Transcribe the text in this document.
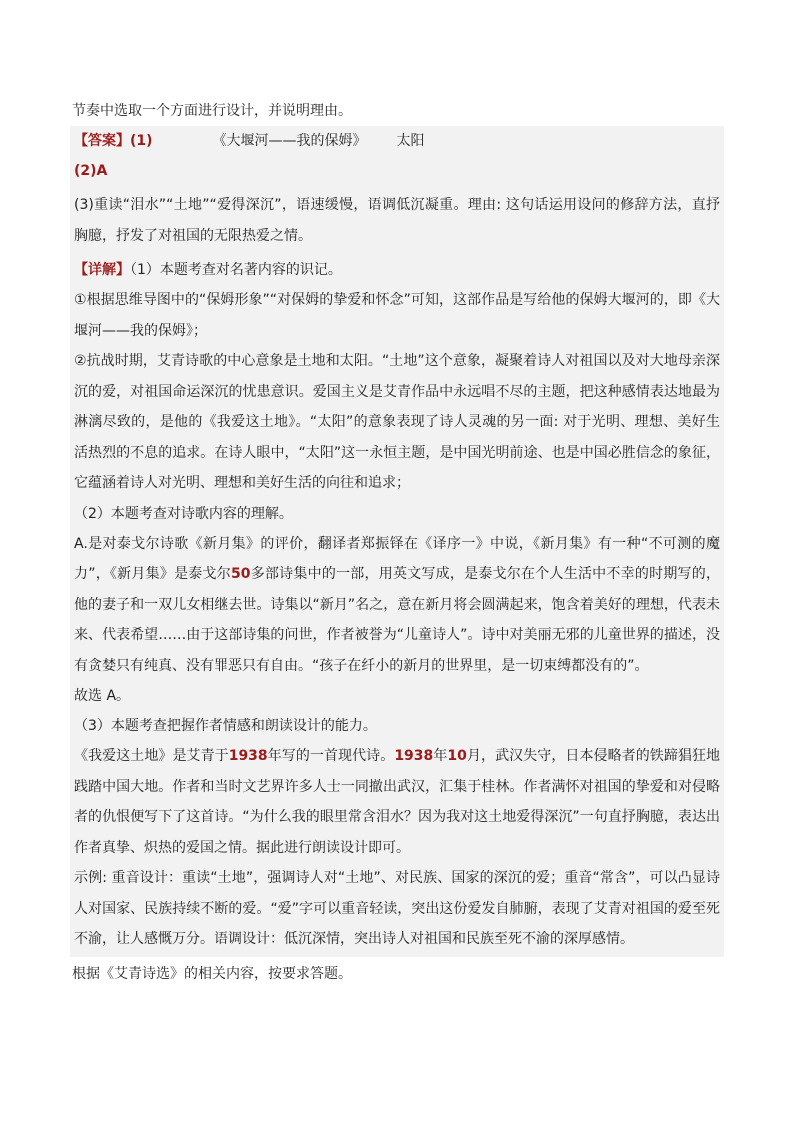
节奏中选取一个方面进行设计，并说明理由。
【答案】(1)	《大堰河——我的保姆》 太阳
(2)A
(3)重读“泪水”“土地”“爱得深沉”，语速缓慢，语调低沉凝重。理由: 这句话运用设问的修辞方法，直抒胸臆，抒发了对祖国的无限热爱之情。
【详解】（1）本题考查对名著内容的识记。
①根据思维导图中的“保姆形象”“对保姆的挚爱和怀念”可知，这部作品是写给他的保姆大堰河的，即《大堰河——我的保姆》；
②抗战时期，艾青诗歌的中心意象是土地和太阳。“土地”这个意象，凝聚着诗人对祖国以及对大地母亲深沉的爱，对祖国命运深沉的忧患意识。爱国主义是艾青作品中永远唱不尽的主题，把这种感情表达地最为淋漓尽致的，是他的《我爱这土地》。“太阳”的意象表现了诗人灵魂的另一面: 对于光明、理想、美好生活热烈的不息的追求。在诗人眼中，“太阳”这一永恒主题，是中国光明前途、也是中国必胜信念的象征，它蕴涵着诗人对光明、理想和美好生活的向往和追求；
（2）本题考查对诗歌内容的理解。
A.是对泰戈尔诗歌《新月集》的评价，翻译者郑振铎在《译序一》中说，《新月集》有一种“不可测的魔力”，《新月集》是泰戈尔50多部诗集中的一部，用英文写成，是泰戈尔在个人生活中不幸的时期写的，他的妻子和一双儿女相继去世。诗集以“新月”名之，意在新月将会圆满起来，饱含着美好的理想，代表未来、代表希望……由于这部诗集的问世，作者被誉为“儿童诗人”。诗中对美丽无邪的儿童世界的描述，没有贪婪只有纯真、没有罪恶只有自由。“孩子在纤小的新月的世界里，是一切束缚都没有的”。
故选 A。
（3）本题考查把握作者情感和朗读设计的能力。
《我爱这土地》是艾青于1938年写的一首现代诗。1938年10月，武汉失守，日本侵略者的铁蹄猖狂地践踏中国大地。作者和当时文艺界许多人士一同撤出武汉，汇集于桂林。作者满怀对祖国的挚爱和对侵略者的仇恨便写下了这首诗。“为什么我的眼里常含泪水？因为我对这土地爱得深沉”一句直抒胸臆，表达出作者真挚、炽热的爱国之情。据此进行朗读设计即可。
示例: 重音设计：重读“土地”，强调诗人对“土地”、对民族、国家的深沉的爱；重音“常含”，可以凸显诗人对国家、民族持续不断的爱。“爱”字可以重音轻读，突出这份爱发自肺腑，表现了艾青对祖国的爱至死不渝，让人感慨万分。语调设计：低沉深情，突出诗人对祖国和民族至死不渝的深厚感情。
根据《艾青诗选》的相关内容，按要求答题。
